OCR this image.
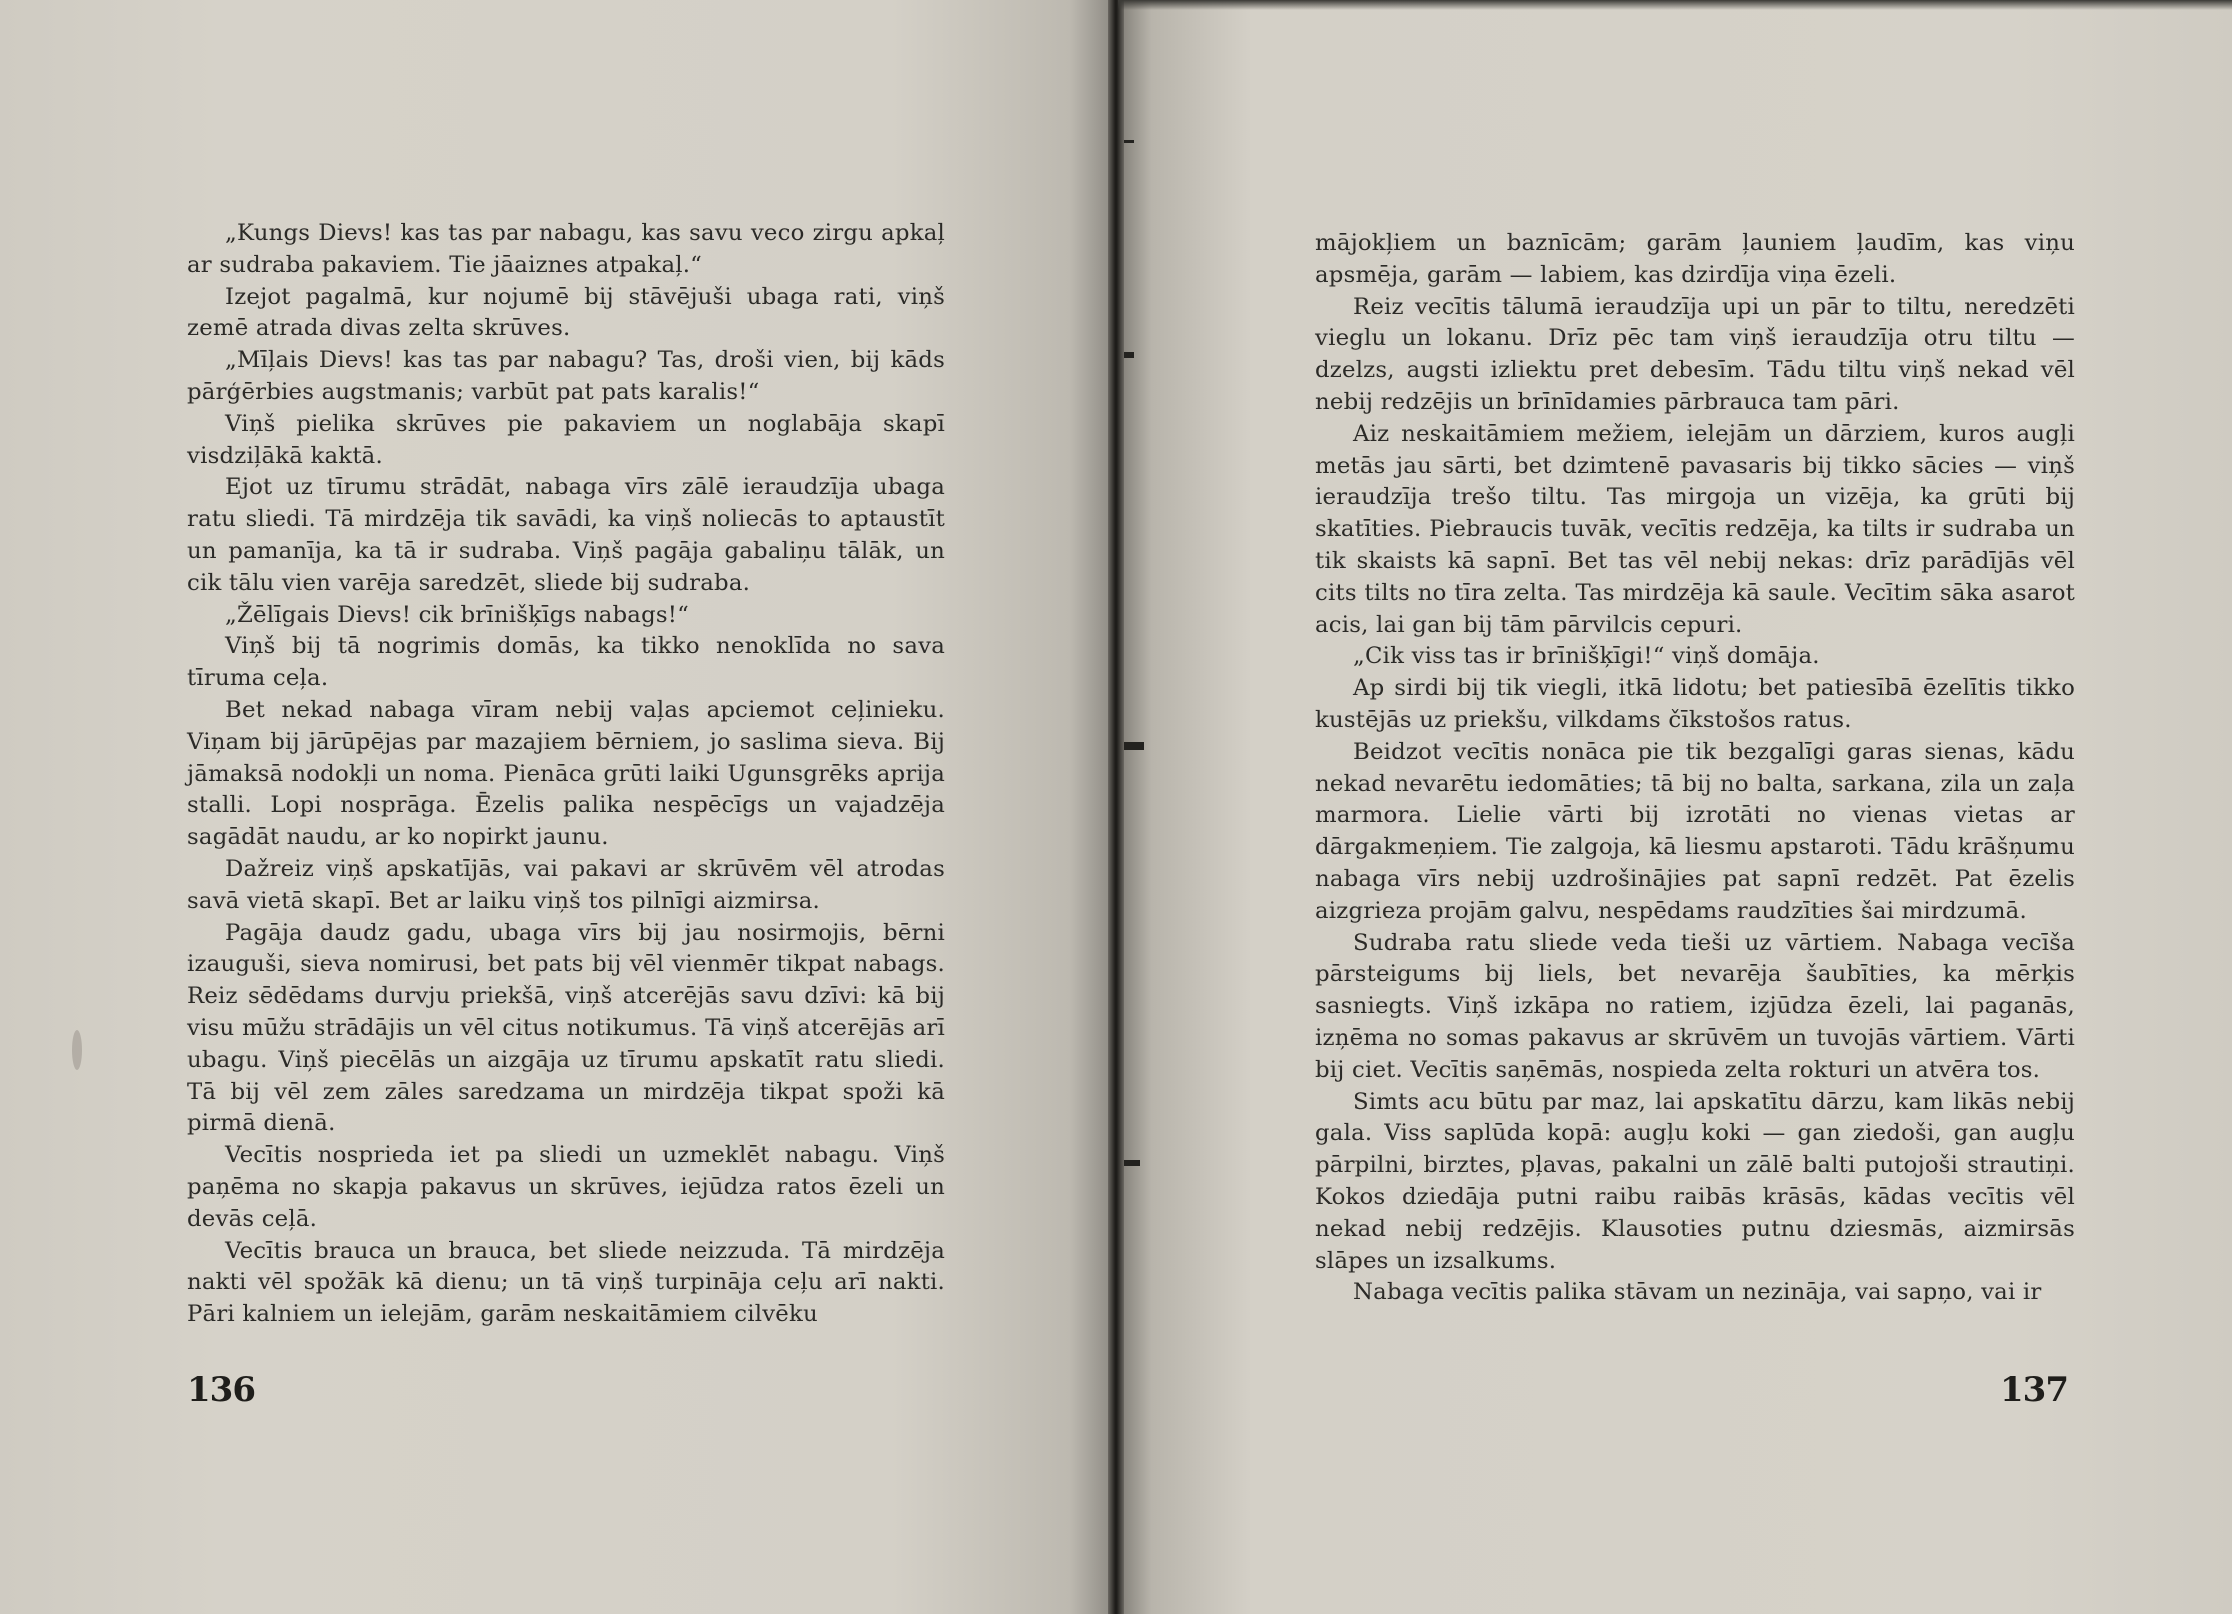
„Kungs Dievs! kas tas par nabagu, kas savu veco zirgu apkaļ ar sudraba pakaviem. Tie jāaiznes atpakaļ.“

Izejot pagalmā, kur nojumē bij stāvējuši ubaga rati, viņš zemē atrada divas zelta skrūves.

„Mīļais Dievs! kas tas par nabagu? Tas, droši vien, bij kāds pārģērbies augstmanis; varbūt pat pats karalis!“

Viņš pielika skrūves pie pakaviem un noglabāja skapī visdziļākā kaktā.

Ejot uz tīrumu strādāt, nabaga vīrs zālē ieraudzīja ubaga ratu sliedi. Tā mirdzēja tik savādi, ka viņš noliecās to aptaustīt un pamanīja, ka tā ir sudraba. Viņš pagāja gabaliņu tālāk, un cik tālu vien varēja saredzēt, sliede bij sudraba.

„Žēlīgais Dievs! cik brīnišķīgs nabags!“

Viņš bij tā nogrimis domās, ka tikko nenoklīda no sava tīruma ceļa.

Bet nekad nabaga vīram nebij vaļas apciemot ceļinieku. Viņam bij jārūpējas par mazajiem bērniem, jo saslima sieva. Bij jāmaksā nodokļi un noma. Pienāca grūti laiki Ugunsgrēks aprija stalli. Lopi nosprāga. Ēzelis palika nespēcīgs un vajadzēja sagādāt naudu, ar ko nopirkt jaunu.

Dažreiz viņš apskatījās, vai pakavi ar skrūvēm vēl atrodas savā vietā skapī. Bet ar laiku viņš tos pilnīgi aizmirsa.

Pagāja daudz gadu, ubaga vīrs bij jau nosirmojis, bērni izauguši, sieva nomirusi, bet pats bij vēl vienmēr tikpat nabags. Reiz sēdēdams durvju priekšā, viņš atcerējās savu dzīvi: kā bij visu mūžu strādājis un vēl citus notikumus. Tā viņš atcerējās arī ubagu. Viņš piecēlās un aizgāja uz tīrumu apskatīt ratu sliedi. Tā bij vēl zem zāles saredzama un mirdzēja tikpat spoži kā pirmā dienā.

Vecītis nosprieda iet pa sliedi un uzmeklēt nabagu. Viņš paņēma no skapja pakavus un skrūves, iejūdza ratos ēzeli un devās ceļā.

Vecītis brauca un brauca, bet sliede neizzuda. Tā mirdzēja nakti vēl spožāk kā dienu; un tā viņš turpināja ceļu arī nakti. Pāri kalniem un ielejām, garām neskaitāmiem cilvēku

136

mājokļiem un baznīcām; garām ļauniem ļaudīm, kas viņu apsmēja, garām — labiem, kas dzirdīja viņa ēzeli.

Reiz vecītis tālumā ieraudzīja upi un pār to tiltu, neredzēti vieglu un lokanu. Drīz pēc tam viņš ieraudzīja otru tiltu — dzelzs, augsti izliektu pret debesīm. Tādu tiltu viņš nekad vēl nebij redzējis un brīnīdamies pārbrauca tam pāri.

Aiz neskaitāmiem mežiem, ielejām un dārziem, kuros augļi metās jau sārti, bet dzimtenē pavasaris bij tikko sācies — viņš ieraudzīja trešo tiltu. Tas mirgoja un vizēja, ka grūti bij skatīties. Piebraucis tuvāk, vecītis redzēja, ka tilts ir sudraba un tik skaists kā sapnī. Bet tas vēl nebij nekas: drīz parādījās vēl cits tilts no tīra zelta. Tas mirdzēja kā saule. Vecītim sāka asarot acis, lai gan bij tām pārvilcis cepuri.

„Cik viss tas ir brīnišķīgi!“ viņš domāja.

Ap sirdi bij tik viegli, itkā lidotu; bet patiesībā ēzelītis tikko kustējās uz priekšu, vilkdams čīkstošos ratus.

Beidzot vecītis nonāca pie tik bezgalīgi garas sienas, kādu nekad nevarētu iedomāties; tā bij no balta, sarkana, zila un zaļa marmora. Lielie vārti bij izrotāti no vienas vietas ar dārgakmeņiem. Tie zalgoja, kā liesmu apstaroti. Tādu krāšņumu nabaga vīrs nebij uzdrošinājies pat sapnī redzēt. Pat ēzelis aizgrieza projām galvu, nespēdams raudzīties šai mirdzumā.

Sudraba ratu sliede veda tieši uz vārtiem. Nabaga vecīša pārsteigums bij liels, bet nevarēja šaubīties, ka mērķis sasniegts. Viņš izkāpa no ratiem, izjūdza ēzeli, lai paganās, izņēma no somas pakavus ar skrūvēm un tuvojās vārtiem. Vārti bij ciet. Vecītis saņēmās, nospieda zelta rokturi un atvēra tos.

Simts acu būtu par maz, lai apskatītu dārzu, kam likās nebij gala. Viss saplūda kopā: augļu koki — gan ziedoši, gan augļu pārpilni, birztes, pļavas, pakalni un zālē balti putojoši strautiņi. Kokos dziedāja putni raibu raibās krāsās, kādas vecītis vēl nekad nebij redzējis. Klausoties putnu dziesmās, aizmirsās slāpes un izsalkums.

Nabaga vecītis palika stāvam un nezināja, vai sapņo, vai ir

137
